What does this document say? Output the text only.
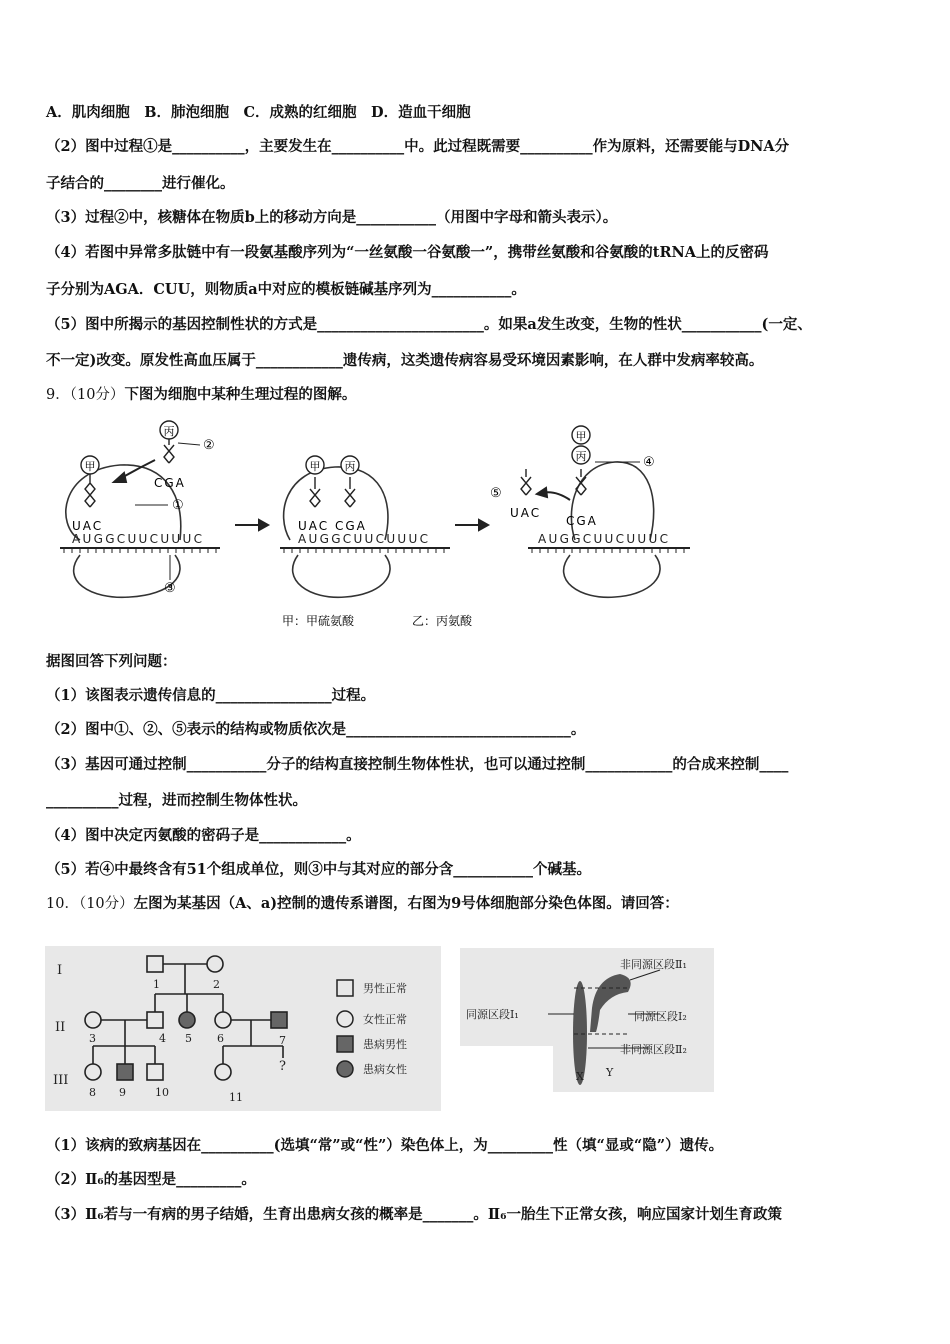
A．肌肉细胞　B．肺泡细胞　C．成熟的红细胞　D．造血干细胞
（2）图中过程①是__________，主要发生在__________中。此过程既需要__________作为原料，还需要能与DNA分
子结合的________进行催化。
（3）过程②中，核糖体在物质b上的移动方向是___________（用图中字母和箭头表示）。
（4）若图中异常多肽链中有一段氨基酸序列为“一丝氨酸一谷氨酸一”，携带丝氨酸和谷氨酸的tRNA上的反密码
子分别为AGA．CUU，则物质a中对应的模板链碱基序列为___________。
（5）图中所揭示的基因控制性状的方式是_______________________。如果a发生改变，生物的性状___________(一定、
不一定)改变。原发性高血压属于____________遗传病，这类遗传病容易受环境因素影响，在人群中发病率较高。
9．（10分）下图为细胞中某种生理过程的图解。
AUGGCUUCUUUC	AUGGCUUCUUUC	AUGGCUUCUUUC
甲
丙
甲 丙
甲
丙
UAC
CGA
UAC CGA
UAC
CGA
②
①
③
④
⑤
甲：甲硫氨酸	乙：丙氨酸
据图回答下列问题：
（1）该图表示遗传信息的________________过程。
（2）图中①、②、⑤表示的结构或物质依次是_______________________________。
（3）基因可通过控制___________分子的结构直接控制生物体性状，也可以通过控制____________的合成来控制____
__________过程，进而控制生物体性状。
（4）图中决定丙氨酸的密码子是____________。
（5）若④中最终含有51个组成单位，则③中与其对应的部分含___________个碱基。
10．（10分）左图为某基因（A、a)控制的遗传系谱图，右图为9号体细胞部分染色体图。请回答：
I
II
III
1	2
3	4 5 6	7
8 9	10	11
?
男性正常
女性正常
患病男性
患病女性
非同源区段Ⅱ₁
同源区段Ⅰ₁	同源区段Ⅰ₂
非同源区段Ⅱ₂
X Y
（1）该病的致病基因在__________(选填“常”或“性”）染色体上，为_________性（填“显或“隐”）遗传。
（2）Ⅱ₆的基因型是_________。
（3）Ⅱ₆若与一有病的男子结婚，生育出患病女孩的概率是_______。Ⅱ₆一胎生下正常女孩，响应国家计划生育政策
